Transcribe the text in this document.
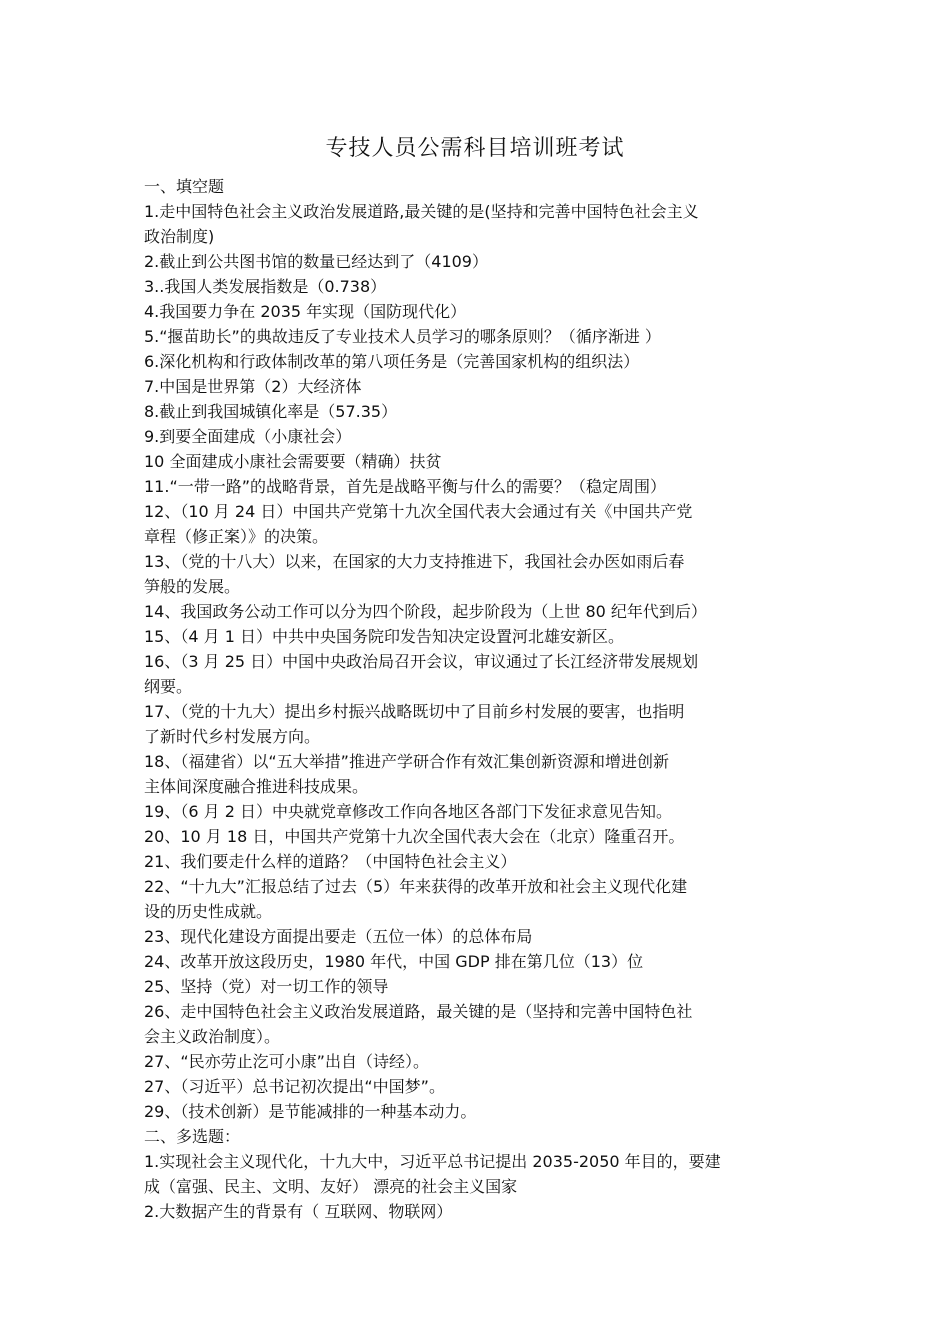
专技人员公需科目培训班考试
一、填空题
1.走中国特色社会主义政治发展道路,最关键的是(坚持和完善中国特色社会主义
政治制度)
2.截止到公共图书馆的数量已经达到了（4109）
3..我国人类发展指数是（0.738）
4.我国要力争在 2035 年实现（国防现代化）
5.“揠苗助长”的典故违反了专业技术人员学习的哪条原则？（循序渐进 ）
6.深化机构和行政体制改革的第八项任务是（完善国家机构的组织法）
7.中国是世界第（2）大经济体
8.截止到我国城镇化率是（57.35）
9.到要全面建成（小康社会）
10 全面建成小康社会需要要（精确）扶贫
11.“一带一路”的战略背景，首先是战略平衡与什么的需要？（稳定周围）
12、（10 月 24 日）中国共产党第十九次全国代表大会通过有关《中国共产党
章程（修正案）》的决策。
13、（党的十八大）以来，在国家的大力支持推进下，我国社会办医如雨后春
笋般的发展。
14、我国政务公动工作可以分为四个阶段，起步阶段为（上世 80 纪年代到后）
15、（4 月 1 日）中共中央国务院印发告知决定设置河北雄安新区。
16、（3 月 25 日）中国中央政治局召开会议，审议通过了长江经济带发展规划
纲要。
17、（党的十九大）提出乡村振兴战略既切中了目前乡村发展的要害，也指明
了新时代乡村发展方向。
18、（福建省）以“五大举措”推进产学研合作有效汇集创新资源和增进创新
主体间深度融合推进科技成果。
19、（6 月 2 日）中央就党章修改工作向各地区各部门下发征求意见告知。
20、10 月 18 日，中国共产党第十九次全国代表大会在（北京）隆重召开。
21、我们要走什么样的道路？（中国特色社会主义）
22、“十九大”汇报总结了过去（5）年来获得的改革开放和社会主义现代化建
设的历史性成就。
23、现代化建设方面提出要走（五位一体）的总体布局
24、改革开放这段历史，1980 年代，中国 GDP 排在第几位（13）位
25、坚持（党）对一切工作的领导
26、走中国特色社会主义政治发展道路，最关键的是（坚持和完善中国特色社
会主义政治制度）。
27、“民亦劳止汔可小康”出自（诗经）。
27、（习近平）总书记初次提出“中国梦”。
29、（技术创新）是节能减排的一种基本动力。
二、多选题：
1.实现社会主义现代化，十九大中，习近平总书记提出 2035-2050 年目的，要建
成（富强、民主、文明、友好） 漂亮的社会主义国家
2.大数据产生的背景有（ 互联网、物联网）
